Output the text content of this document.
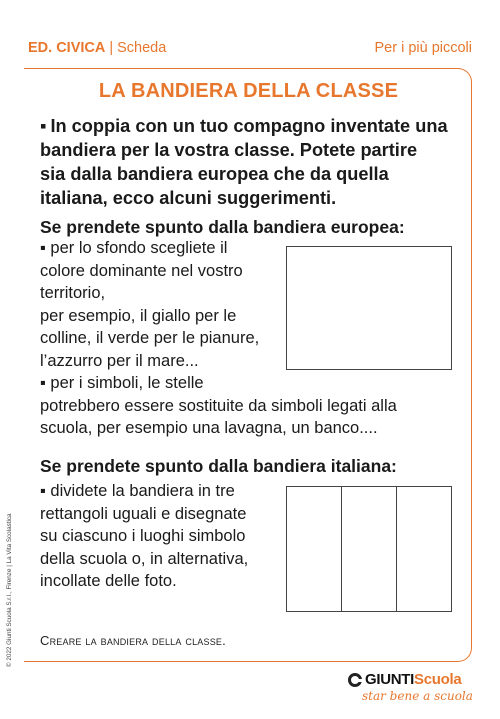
ED. CIVICA | Scheda	Per i più piccoli
LA BANDIERA DELLA CLASSE
▪ In coppia con un tuo compagno inventate una
bandiera per la vostra classe. Potete partire
sia dalla bandiera europea che da quella
italiana, ecco alcuni suggerimenti.
Se prendete spunto dalla bandiera europea:
▪ per lo sfondo scegliete il
colore dominante nel vostro
territorio,
per esempio, il giallo per le
colline, il verde per le pianure,
l’azzurro per il mare...
▪ per i simboli, le stelle
potrebbero essere sostituite da simboli legati alla
scuola, per esempio una lavagna, un banco....
Se prendete spunto dalla bandiera italiana:
▪ dividete la bandiera in tre
rettangoli uguali e disegnate
su ciascuno i luoghi simbolo
della scuola o, in alternativa,
incollate delle foto.
Creare la bandiera della classe.
© 2022 Giunti Scuola S.r.l., Firenze | La Vita Scolastica
GIUNTI Scuola
star bene a scuola
